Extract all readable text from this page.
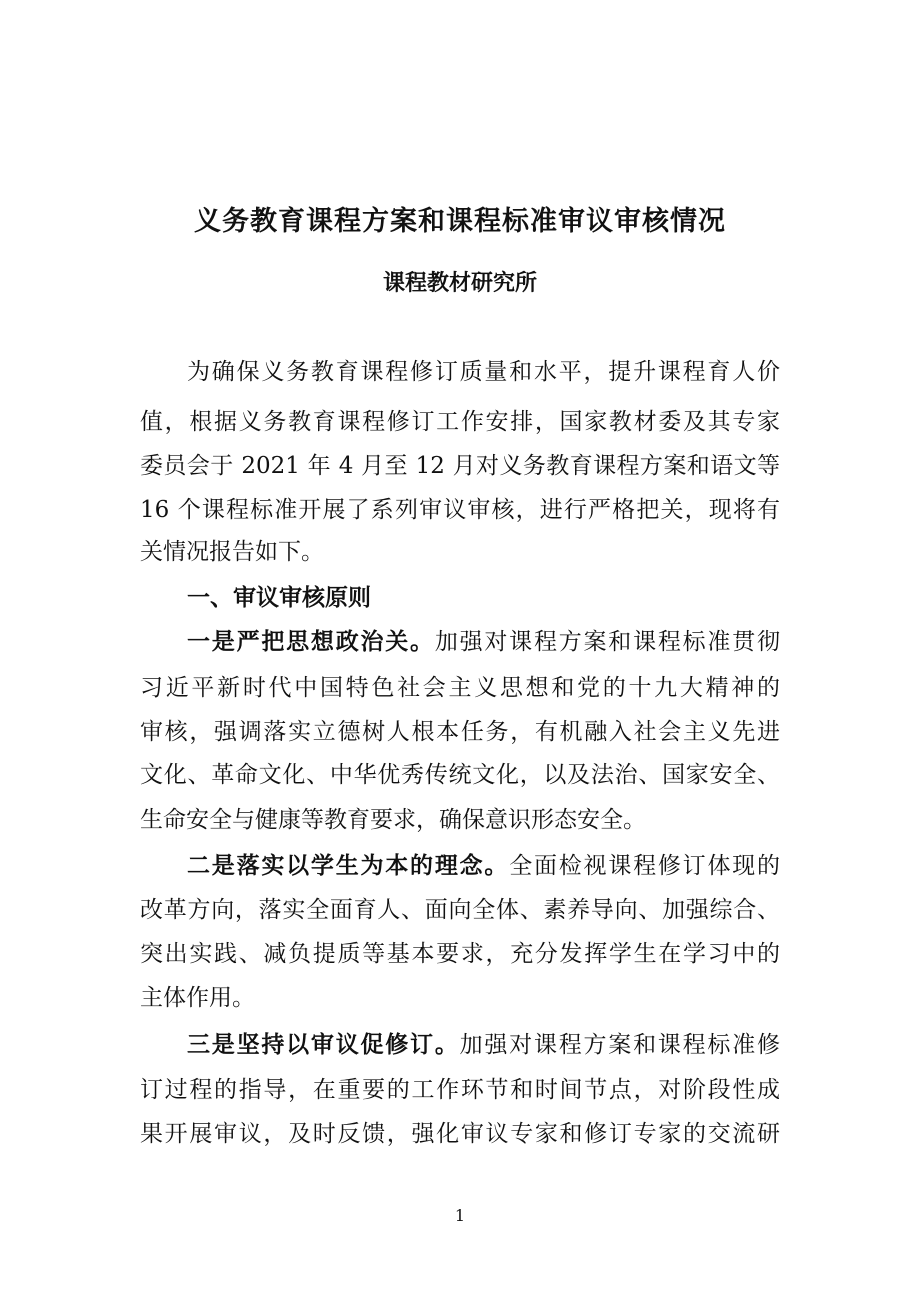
义务教育课程方案和课程标准审议审核情况
课程教材研究所
为确保义务教育课程修订质量和水平，提升课程育人价
值，根据义务教育课程修订工作安排，国家教材委及其专家
委员会于 2021 年 4 月至 12 月对义务教育课程方案和语文等
16 个课程标准开展了系列审议审核，进行严格把关，现将有
关情况报告如下。
一、审议审核原则
一是严把思想政治关。加强对课程方案和课程标准贯彻
习近平新时代中国特色社会主义思想和党的十九大精神的
审核，强调落实立德树人根本任务，有机融入社会主义先进
文化、革命文化、中华优秀传统文化，以及法治、国家安全、
生命安全与健康等教育要求，确保意识形态安全。
二是落实以学生为本的理念。全面检视课程修订体现的
改革方向，落实全面育人、面向全体、素养导向、加强综合、
突出实践、减负提质等基本要求，充分发挥学生在学习中的
主体作用。
三是坚持以审议促修订。加强对课程方案和课程标准修
订过程的指导，在重要的工作环节和时间节点，对阶段性成
果开展审议，及时反馈，强化审议专家和修订专家的交流研
1
